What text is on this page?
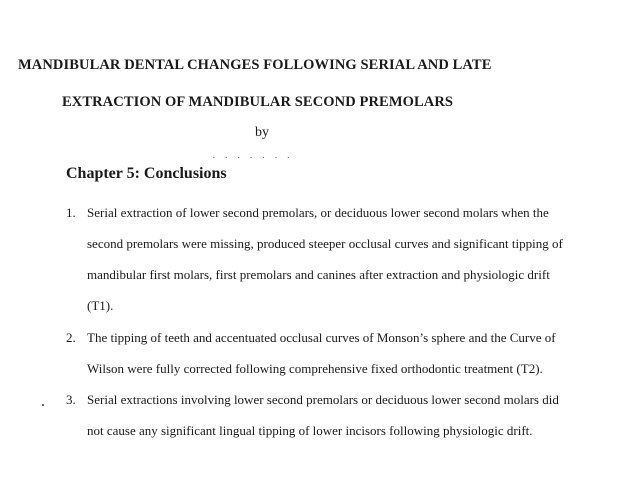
MANDIBULAR DENTAL CHANGES FOLLOWING SERIAL AND LATE
EXTRACTION OF MANDIBULAR SECOND PREMOLARS
by
· · · · · · ·
Chapter 5: Conclusions
1. Serial extraction of lower second premolars, or deciduous lower second molars when the
second premolars were missing, produced steeper occlusal curves and significant tipping of
mandibular first molars, first premolars and canines after extraction and physiologic drift
(T1).
2. The tipping of teeth and accentuated occlusal curves of Monson’s sphere and the Curve of
Wilson were fully corrected following comprehensive fixed orthodontic treatment (T2).
3. Serial extractions involving lower second premolars or deciduous lower second molars did
not cause any significant lingual tipping of lower incisors following physiologic drift.
